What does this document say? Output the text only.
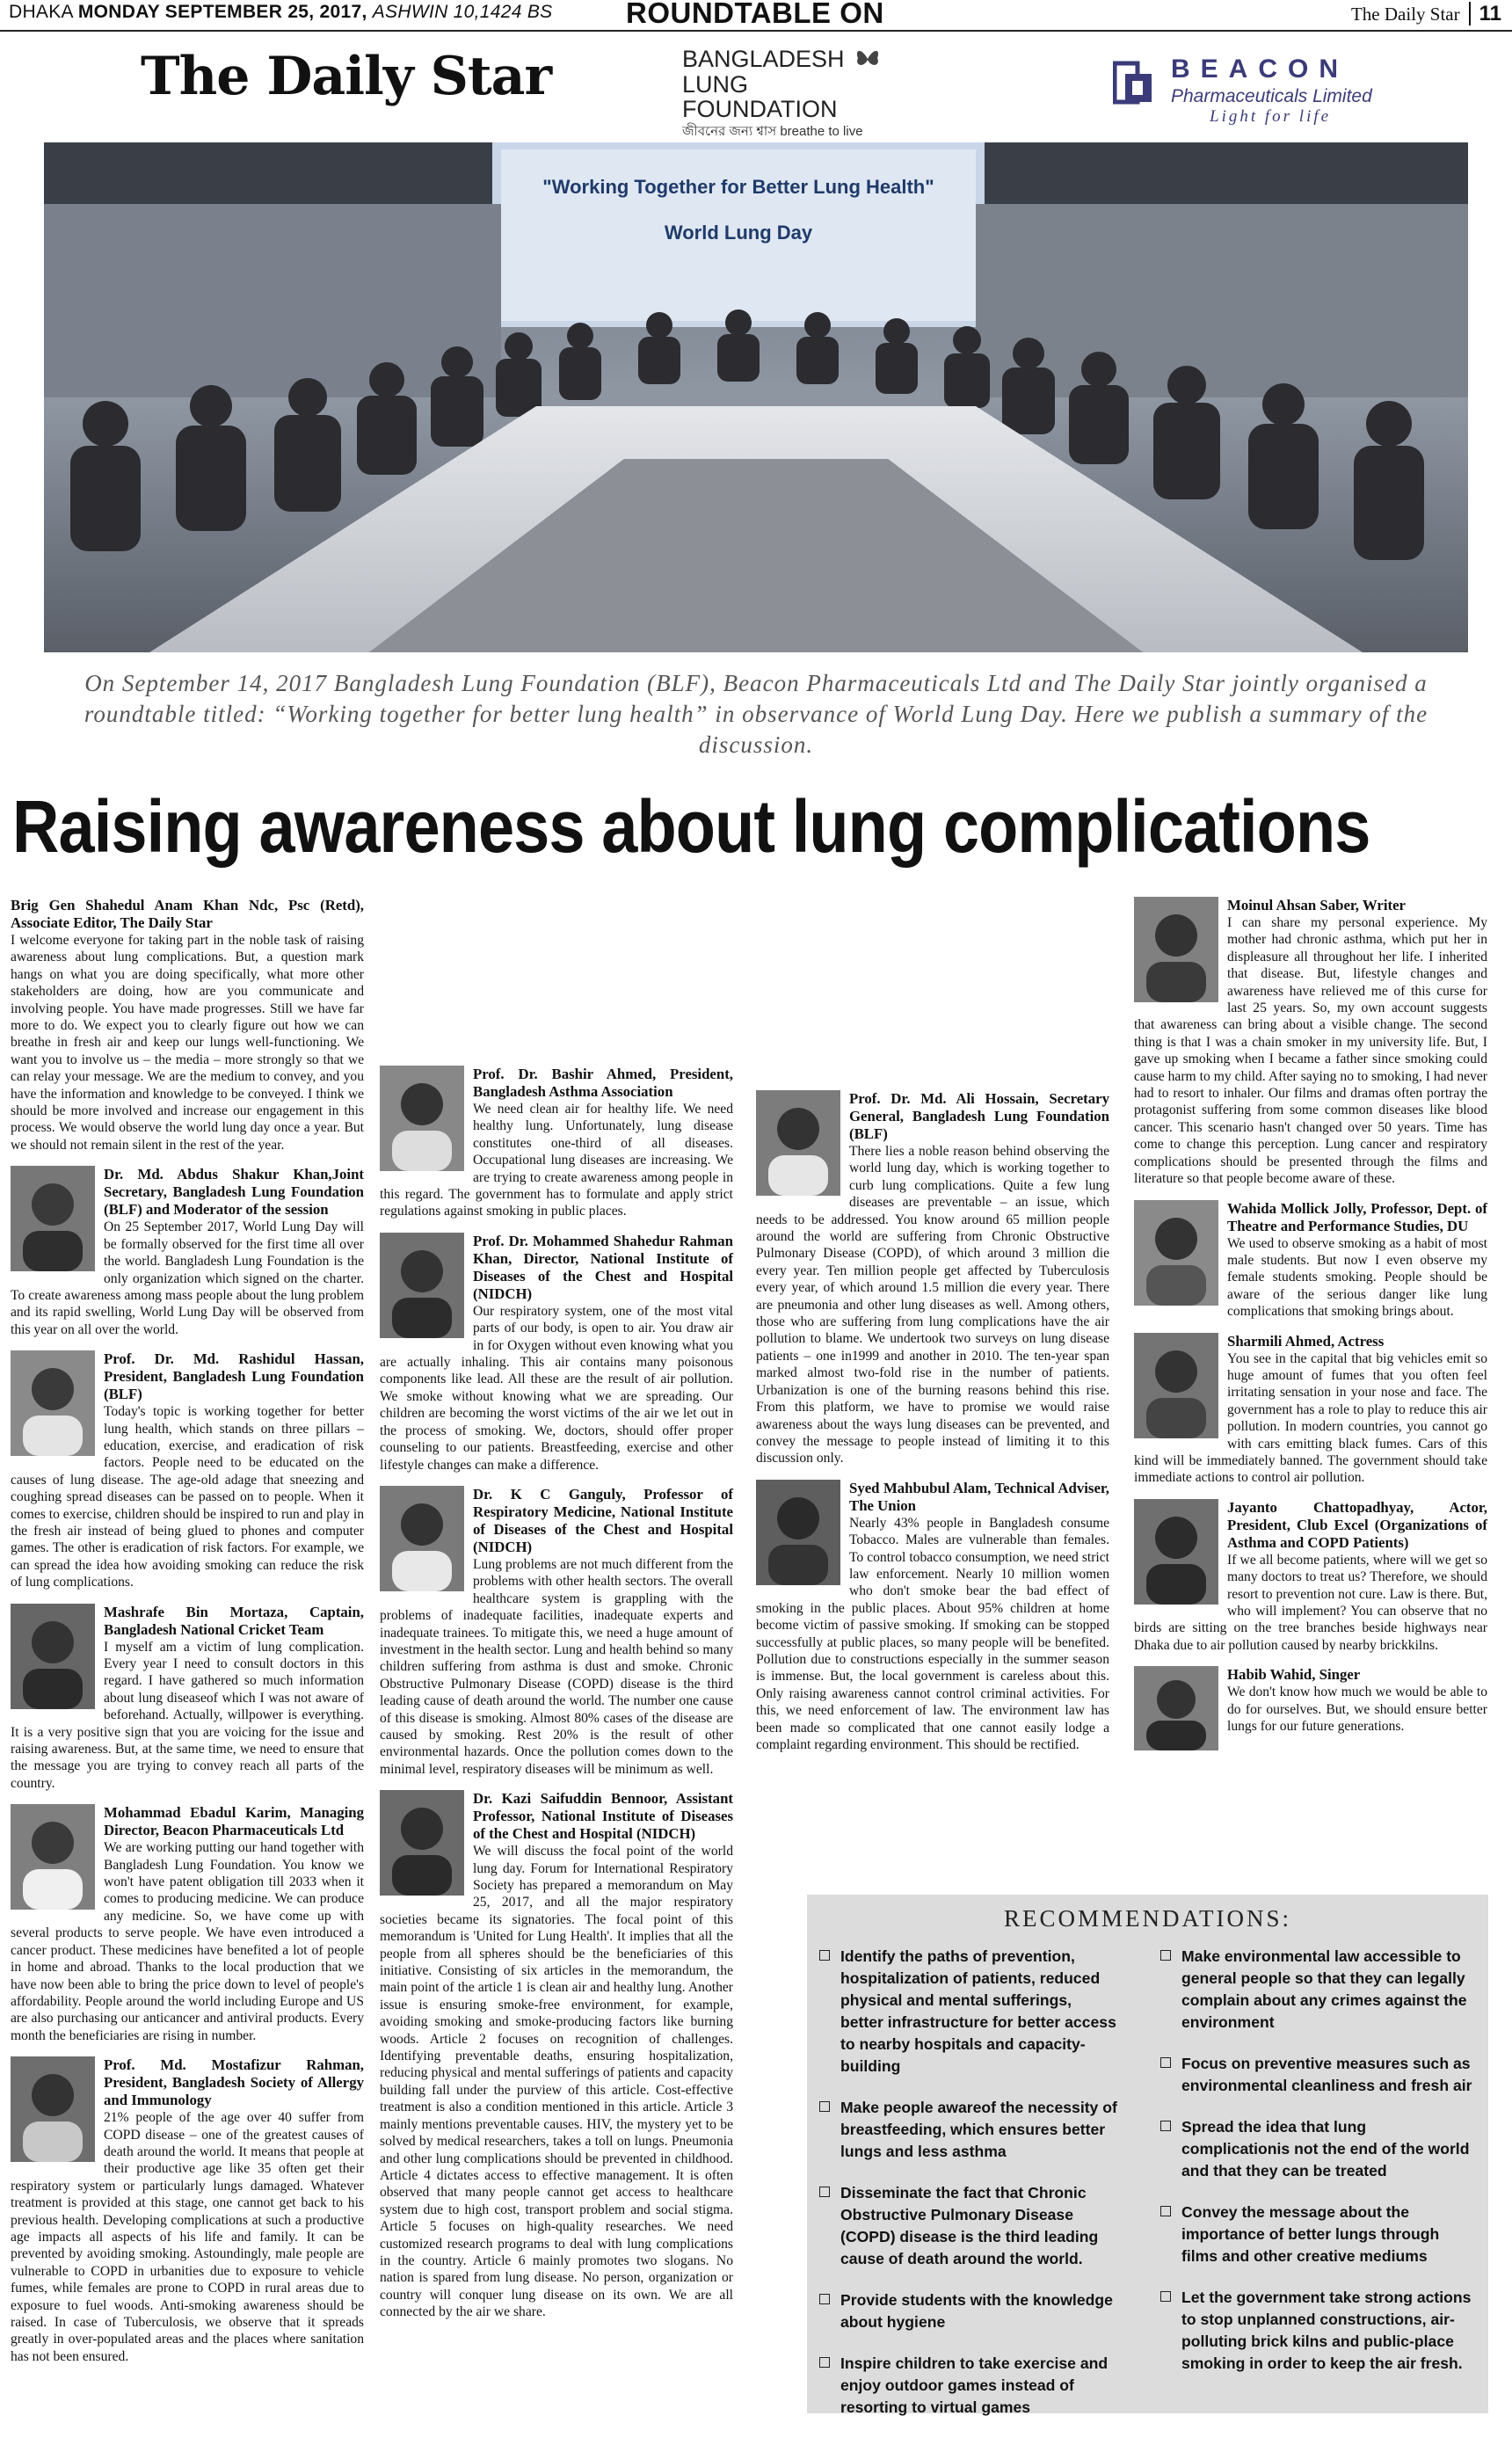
DHAKA MONDAY SEPTEMBER 25, 2017, ASHWIN 10,1424 BS	ROUNDTABLE ON	The Daily Star 11
The Daily Star	BANGLADESH
LUNG FOUNDATION
জীবনের জন্য শ্বাস breathe to live
BEACON
Pharmaceuticals Limited
Light for life
"Working Together for Better Lung Health"
World Lung Day
On September 14, 2017 Bangladesh Lung Foundation (BLF), Beacon Pharmaceuticals Ltd and The Daily Star jointly organised a roundtable titled: “Working together for better lung health” in observance of World Lung Day. Here we publish a summary of the discussion.
Raising awareness about lung complications
Brig Gen Shahedul Anam Khan Ndc, Psc (Retd), Associate Editor, The Daily Star
I welcome everyone for taking part in the noble task of raising awareness about lung complications. But, a question mark hangs on what you are doing specifically, what more other stakeholders are doing, how are you communicate and involving people. You have made progresses. Still we have far more to do. We expect you to clearly figure out how we can breathe in fresh air and keep our lungs well-functioning. We want you to involve us – the media – more strongly so that we can relay your message. We are the medium to convey, and you have the information and knowledge to be conveyed. I think we should be more involved and increase our engagement in this process. We would observe the world lung day once a year. But we should not remain silent in the rest of the year.
Dr. Md. Abdus Shakur Khan,Joint Secretary, Bangladesh Lung Foundation (BLF) and Moderator of the session
On 25 September 2017, World Lung Day will be formally observed for the first time all over the world. Bangladesh Lung Foundation is the only organization which signed on the charter. To create awareness among mass people about the lung problem and its rapid swelling, World Lung Day will be observed from this year on all over the world.
Prof. Dr. Md. Rashidul Hassan, President, Bangladesh Lung Foundation (BLF)
Today's topic is working together for better lung health, which stands on three pillars – education, exercise, and eradication of risk factors. People need to be educated on the causes of lung disease. The age-old adage that sneezing and coughing spread diseases can be passed on to people. When it comes to exercise, children should be inspired to run and play in the fresh air instead of being glued to phones and computer games. The other is eradication of risk factors. For example, we can spread the idea how avoiding smoking can reduce the risk of lung complications.
Mashrafe Bin Mortaza, Captain, Bangladesh National Cricket Team
I myself am a victim of lung complication. Every year I need to consult doctors in this regard. I have gathered so much information about lung diseaseof which I was not aware of beforehand. Actually, willpower is everything. It is a very positive sign that you are voicing for the issue and raising awareness. But, at the same time, we need to ensure that the message you are trying to convey reach all parts of the country.
Mohammad Ebadul Karim, Managing Director, Beacon Pharmaceuticals Ltd
We are working putting our hand together with Bangladesh Lung Foundation. You know we won't have patent obligation till 2033 when it comes to producing medicine. We can produce any medicine. So, we have come up with several products to serve people. We have even introduced a cancer product. These medicines have benefited a lot of people in home and abroad. Thanks to the local production that we have now been able to bring the price down to level of people's affordability. People around the world including Europe and US are also purchasing our anticancer and antiviral products. Every month the beneficiaries are rising in number.
Prof. Md. Mostafizur Rahman, President, Bangladesh Society of Allergy and Immunology
21% people of the age over 40 suffer from COPD disease – one of the greatest causes of death around the world. It means that people at their productive age like 35 often get their respiratory system or particularly lungs damaged. Whatever treatment is provided at this stage, one cannot get back to his previous health. Developing complications at such a productive age impacts all aspects of his life and family. It can be prevented by avoiding smoking. Astoundingly, male people are vulnerable to COPD in urbanities due to exposure to vehicle fumes, while females are prone to COPD in rural areas due to exposure to fuel woods. Anti-smoking awareness should be raised. In case of Tuberculosis, we observe that it spreads greatly in over-populated areas and the places where sanitation has not been ensured.
Prof. Dr. Bashir Ahmed, President, Bangladesh Asthma Association
We need clean air for healthy life. We need healthy lung. Unfortunately, lung disease constitutes one-third of all diseases. Occupational lung diseases are increasing. We are trying to create awareness among people in this regard. The government has to formulate and apply strict regulations against smoking in public places.
Prof. Dr. Mohammed Shahedur Rahman Khan, Director, National Institute of Diseases of the Chest and Hospital (NIDCH)
Our respiratory system, one of the most vital parts of our body, is open to air. You draw air in for Oxygen without even knowing what you are actually inhaling. This air contains many poisonous components like lead. All these are the result of air pollution. We smoke without knowing what we are spreading. Our children are becoming the worst victims of the air we let out in the process of smoking. We, doctors, should offer proper counseling to our patients. Breastfeeding, exercise and other lifestyle changes can make a difference.
Dr. K C Ganguly, Professor of Respiratory Medicine, National Institute of Diseases of the Chest and Hospital (NIDCH)
Lung problems are not much different from the problems with other health sectors. The overall healthcare system is grappling with the problems of inadequate facilities, inadequate experts and inadequate trainees. To mitigate this, we need a huge amount of investment in the health sector. Lung and health behind so many children suffering from asthma is dust and smoke. Chronic Obstructive Pulmonary Disease (COPD) disease is the third leading cause of death around the world. The number one cause of this disease is smoking. Almost 80% cases of the disease are caused by smoking. Rest 20% is the result of other environmental hazards. Once the pollution comes down to the minimal level, respiratory diseases will be minimum as well.
Dr. Kazi Saifuddin Bennoor, Assistant Professor, National Institute of Diseases of the Chest and Hospital (NIDCH)
We will discuss the focal point of the world lung day. Forum for International Respiratory Society has prepared a memorandum on May 25, 2017, and all the major respiratory societies became its signatories. The focal point of this memorandum is 'United for Lung Health'. It implies that all the people from all spheres should be the beneficiaries of this initiative. Consisting of six articles in the memorandum, the main point of the article 1 is clean air and healthy lung. Another issue is ensuring smoke-free environment, for example, avoiding smoking and smoke-producing factors like burning woods. Article 2 focuses on recognition of challenges. Identifying preventable deaths, ensuring hospitalization, reducing physical and mental sufferings of patients and capacity building fall under the purview of this article. Cost-effective treatment is also a condition mentioned in this article. Article 3 mainly mentions preventable causes. HIV, the mystery yet to be solved by medical researchers, takes a toll on lungs. Pneumonia and other lung complications should be prevented in childhood. Article 4 dictates access to effective management. It is often observed that many people cannot get access to healthcare system due to high cost, transport problem and social stigma. Article 5 focuses on high-quality researches. We need customized research programs to deal with lung complications in the country. Article 6 mainly promotes two slogans. No nation is spared from lung disease. No person, organization or country will conquer lung disease on its own. We are all connected by the air we share.
Prof. Dr. Md. Ali Hossain, Secretary General, Bangladesh Lung Foundation (BLF)
There lies a noble reason behind observing the world lung day, which is working together to curb lung complications. Quite a few lung diseases are preventable – an issue, which needs to be addressed. You know around 65 million people around the world are suffering from Chronic Obstructive Pulmonary Disease (COPD), of which around 3 million die every year. Ten million people get affected by Tuberculosis every year, of which around 1.5 million die every year. There are pneumonia and other lung diseases as well. Among others, those who are suffering from lung complications have the air pollution to blame. We undertook two surveys on lung disease patients – one in1999 and another in 2010. The ten-year span marked almost two-fold rise in the number of patients. Urbanization is one of the burning reasons behind this rise. From this platform, we have to promise we would raise awareness about the ways lung diseases can be prevented, and convey the message to people instead of limiting it to this discussion only.
Syed Mahbubul Alam, Technical Adviser, The Union
Nearly 43% people in Bangladesh consume Tobacco. Males are vulnerable than females. To control tobacco consumption, we need strict law enforcement. Nearly 10 million women who don't smoke bear the bad effect of smoking in the public places. About 95% children at home become victim of passive smoking. If smoking can be stopped successfully at public places, so many people will be benefited. Pollution due to constructions especially in the summer season is immense. But, the local government is careless about this. Only raising awareness cannot control criminal activities. For this, we need enforcement of law. The environment law has been made so complicated that one cannot easily lodge a complaint regarding environment. This should be rectified.
Moinul Ahsan Saber, Writer
I can share my personal experience. My mother had chronic asthma, which put her in displeasure all throughout her life. I inherited that disease. But, lifestyle changes and awareness have relieved me of this curse for last 25 years. So, my own account suggests that awareness can bring about a visible change. The second thing is that I was a chain smoker in my university life. But, I gave up smoking when I became a father since smoking could cause harm to my child. After saying no to smoking, I had never had to resort to inhaler. Our films and dramas often portray the protagonist suffering from some common diseases like blood cancer. This scenario hasn't changed over 50 years. Time has come to change this perception. Lung cancer and respiratory complications should be presented through the films and literature so that people become aware of these.
Wahida Mollick Jolly, Professor, Dept. of Theatre and Performance Studies, DU
We used to observe smoking as a habit of most male students. But now I even observe my female students smoking. People should be aware of the serious danger like lung complications that smoking brings about.
Sharmili Ahmed, Actress
You see in the capital that big vehicles emit so huge amount of fumes that you often feel irritating sensation in your nose and face. The government has a role to play to reduce this air pollution. In modern countries, you cannot go with cars emitting black fumes. Cars of this kind will be immediately banned. The government should take immediate actions to control air pollution.
Jayanto Chattopadhyay, Actor, President, Club Excel (Organizations of Asthma and COPD Patients)
If we all become patients, where will we get so many doctors to treat us? Therefore, we should resort to prevention not cure. Law is there. But, who will implement? You can observe that no birds are sitting on the tree branches beside highways near Dhaka due to air pollution caused by nearby brickkilns.
Habib Wahid, Singer
We don't know how much we would be able to do for ourselves. But, we should ensure better lungs for our future generations.
RECOMMENDATIONS:
Identify the paths of prevention, hospitalization of patients, reduced physical and mental sufferings, better infrastructure for better access to nearby hospitals and capacity-building
Make people awareof the necessity of breastfeeding, which ensures better lungs and less asthma
Disseminate the fact that Chronic Obstructive Pulmonary Disease (COPD) disease is the third leading cause of death around the world.
Provide students with the knowledge about hygiene
Inspire children to take exercise and enjoy outdoor games instead of resorting to virtual games
Make environmental law accessible to general people so that they can legally complain about any crimes against the environment
Focus on preventive measures such as environmental cleanliness and fresh air
Spread the idea that lung complicationis not the end of the world and that they can be treated
Convey the message about the importance of better lungs through films and other creative mediums
Let the government take strong actions to stop unplanned constructions, air-polluting brick kilns and public-place smoking in order to keep the air fresh.
